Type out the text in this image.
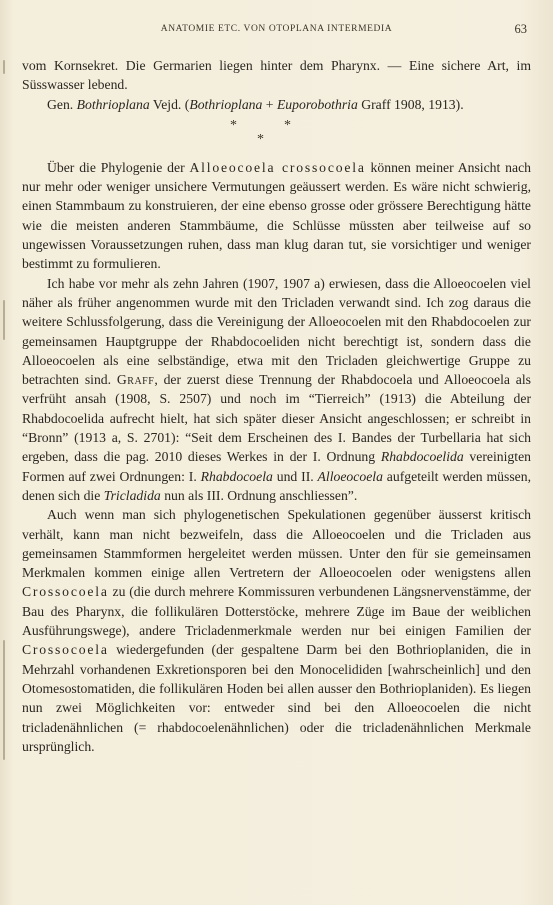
ANATOMIE ETC. VON OTOPLANA INTERMEDIA	63

vom Kornsekret. Die Germarien liegen hinter dem Pharynx. — Eine sichere Art, im Süsswasser lebend.

Gen. Bothrioplana Vejd. (Bothrioplana + Euporobothria Graff 1908, 1913).

*	*
*

Über die Phylogenie der Alloeocoela crossocoela können meiner Ansicht nach nur mehr oder weniger unsichere Vermutungen geäussert werden. Es wäre nicht schwierig, einen Stammbaum zu konstruieren, der eine ebenso grosse oder grössere Berechtigung hätte wie die meisten anderen Stammbäume, die Schlüsse müssten aber teilweise auf so ungewissen Voraussetzungen ruhen, dass man klug daran tut, sie vorsichtiger und weniger bestimmt zu formulieren.

Ich habe vor mehr als zehn Jahren (1907, 1907 a) erwiesen, dass die Alloeocoelen viel näher als früher angenommen wurde mit den Tricladen verwandt sind. Ich zog daraus die weitere Schlussfolgerung, dass die Vereinigung der Alloeocoelen mit den Rhabdocoelen zur gemeinsamen Hauptgruppe der Rhabdocoeliden nicht berechtigt ist, sondern dass die Alloeocoelen als eine selbständige, etwa mit den Tricladen gleichwertige Gruppe zu betrachten sind. Graff, der zuerst diese Trennung der Rhabdocoela und Alloeocoela als verfrüht ansah (1908, S. 2507) und noch im “Tierreich” (1913) die Abteilung der Rhabdocoelida aufrecht hielt, hat sich später dieser Ansicht angeschlossen; er schreibt in “Bronn” (1913 a, S. 2701): “Seit dem Erscheinen des I. Bandes der Turbellaria hat sich ergeben, dass die pag. 2010 dieses Werkes in der I. Ordnung Rhabdocoelida vereinigten Formen auf zwei Ordnungen: I. Rhabdocoela und II. Alloeocoela aufgeteilt werden müssen, denen sich die Tricladida nun als III. Ordnung anschliessen”.

Auch wenn man sich phylogenetischen Spekulationen gegenüber äusserst kritisch verhält, kann man nicht bezweifeln, dass die Alloeocoelen und die Tricladen aus gemeinsamen Stammformen hergeleitet werden müssen. Unter den für sie gemeinsamen Merkmalen kommen einige allen Vertretern der Alloeocoelen oder wenigstens allen Crossocoela zu (die durch mehrere Kommissuren verbundenen Längsnervenstämme, der Bau des Pharynx, die follikulären Dotterstöcke, mehrere Züge im Baue der weiblichen Ausführungswege), andere Tricladenmerkmale werden nur bei einigen Familien der Crossocoela wiedergefunden (der gespaltene Darm bei den Bothrioplaniden, die in Mehrzahl vorhandenen Exkretionsporen bei den Monocelididen [wahrscheinlich] und den Otomesostomatiden, die follikulären Hoden bei allen ausser den Bothrioplaniden). Es liegen nun zwei Möglichkeiten vor: entweder sind bei den Alloeocoelen die nicht tricladenähnlichen (= rhabdocoelenähnlichen) oder die tricladenähnlichen Merkmale ursprünglich.
